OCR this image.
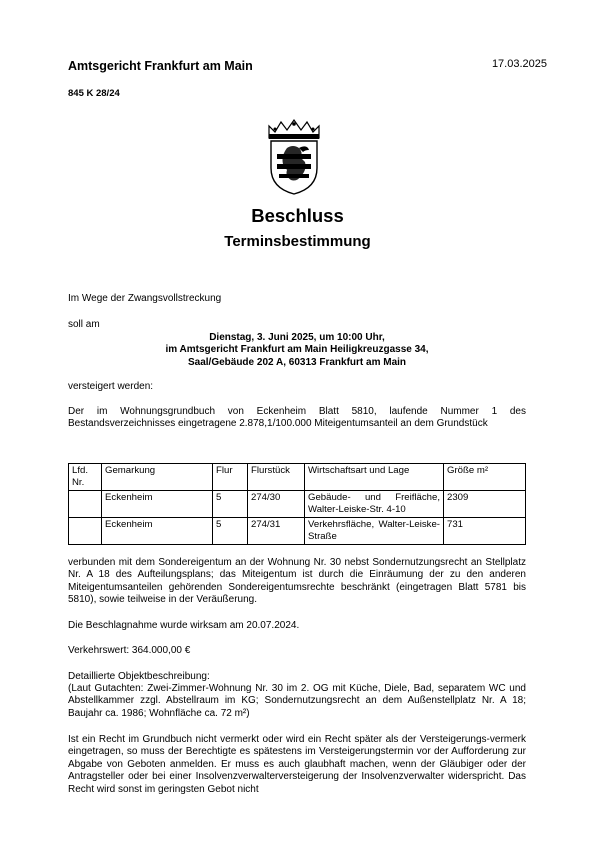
Amtsgericht Frankfurt am Main	17.03.2025
845 K 28/24
Beschluss
Terminsbestimmung
Im Wege der Zwangsvollstreckung
soll am
Dienstag, 3. Juni 2025, um 10:00 Uhr,
im Amtsgericht Frankfurt am Main Heiligkreuzgasse 34,
Saal/Gebäude 202 A, 60313 Frankfurt am Main
versteigert werden:
Der im Wohnungsgrundbuch von Eckenheim Blatt 5810, laufende Nummer 1 des Bestandsverzeichnisses eingetragene 2.878,1/100.000 Miteigentumsanteil an dem Grundstück
Lfd. Nr.	Gemarkung	Flur	Flurstück	Wirtschaftsart und Lage	Größe m²
	Eckenheim	5	274/30	Gebäude- und Freifläche, Walter-Leiske-Str. 4-10	2309
	Eckenheim	5	274/31	Verkehrsfläche, Walter-Leiske-Straße	731
verbunden mit dem Sondereigentum an der Wohnung Nr. 30 nebst Sondernutzungsrecht an Stellplatz Nr. A 18 des Aufteilungsplans; das Miteigentum ist durch die Einräumung der zu den anderen Miteigentumsanteilen gehörenden Sondereigentumsrechte beschränkt (eingetragen Blatt 5781 bis 5810), sowie teilweise in der Veräußerung.
Die Beschlagnahme wurde wirksam am 20.07.2024.
Verkehrswert: 364.000,00 €
Detaillierte Objektbeschreibung:
(Laut Gutachten: Zwei-Zimmer-Wohnung Nr. 30 im 2. OG mit Küche, Diele, Bad, separatem WC und Abstellkammer zzgl. Abstellraum im KG; Sondernutzungsrecht an dem Außenstellplatz Nr. A 18; Baujahr ca. 1986; Wohnfläche ca. 72 m²)
Ist ein Recht im Grundbuch nicht vermerkt oder wird ein Recht später als der Versteigerungs-vermerk eingetragen, so muss der Berechtigte es spätestens im Versteigerungstermin vor der Aufforderung zur Abgabe von Geboten anmelden. Er muss es auch glaubhaft machen, wenn der Gläubiger oder der Antragsteller oder bei einer Insolvenzverwalterversteigerung der Insolvenzverwalter widerspricht. Das Recht wird sonst im geringsten Gebot nicht
